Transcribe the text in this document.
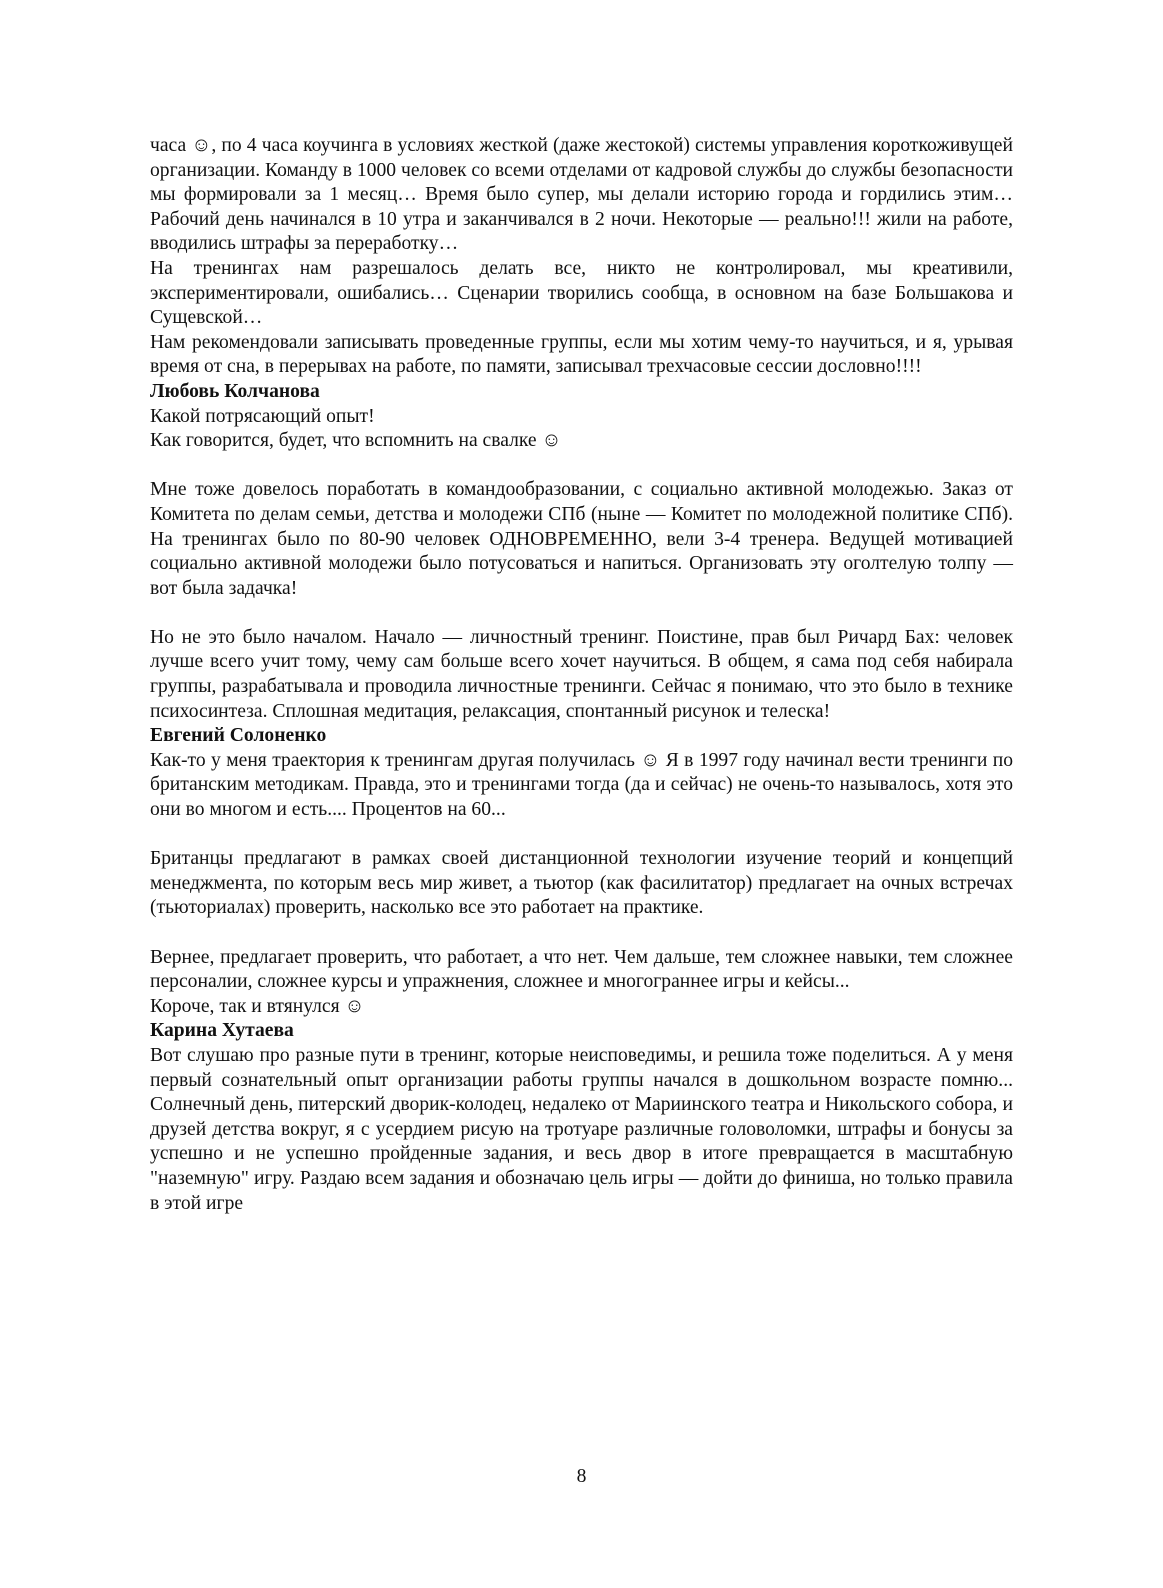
часа ☺, по 4 часа коучинга в условиях жесткой (даже жестокой) системы управления короткоживущей организации. Команду в 1000 человек со всеми отделами от кадровой службы до службы безопасности мы формировали за 1 месяц… Время было супер, мы делали историю города и гордились этим… Рабочий день начинался в 10 утра и заканчивался в 2 ночи. Некоторые — реально!!! жили на работе, вводились штрафы за переработку…

На тренингах нам разрешалось делать все, никто не контролировал, мы креативили, экспериментировали, ошибались… Сценарии творились сообща, в основном на базе Большакова и Сущевской…

Нам рекомендовали записывать проведенные группы, если мы хотим чему-то научиться, и я, урывая время от сна, в перерывах на работе, по памяти, записывал трехчасовые сессии дословно!!!!

Любовь Колчанова

Какой потрясающий опыт!

Как говорится, будет, что вспомнить на свалке ☺

Мне тоже довелось поработать в командообразовании, с социально активной молодежью. Заказ от Комитета по делам семьи, детства и молодежи СПб (ныне — Комитет по молодежной политике СПб). На тренингах было по 80-90 человек ОДНОВРЕМЕННО, вели 3-4 тренера. Ведущей мотивацией социально активной молодежи было потусоваться и напиться. Организовать эту оголтелую толпу — вот была задачка!

Но не это было началом. Начало — личностный тренинг. Поистине, прав был Ричард Бах: человек лучше всего учит тому, чему сам больше всего хочет научиться. В общем, я сама под себя набирала группы, разрабатывала и проводила личностные тренинги. Сейчас я понимаю, что это было в технике психосинтеза. Сплошная медитация, релаксация, спонтанный рисунок и телеска!

Евгений Солоненко

Как-то у меня траектория к тренингам другая получилась ☺ Я в 1997 году начинал вести тренинги по британским методикам. Правда, это и тренингами тогда (да и сейчас) не очень-то называлось, хотя это они во многом и есть.... Процентов на 60...

Британцы предлагают в рамках своей дистанционной технологии изучение теорий и концепций менеджмента, по которым весь мир живет, а тьютор (как фасилитатор) предлагает на очных встречах (тьюториалах) проверить, насколько все это работает на практике.

Вернее, предлагает проверить, что работает, а что нет. Чем дальше, тем сложнее навыки, тем сложнее персоналии, сложнее курсы и упражнения, сложнее и многограннее игры и кейсы...

Короче, так и втянулся ☺

Карина Хутаева

Вот слушаю про разные пути в тренинг, которые неисповедимы, и решила тоже поделиться. А у меня первый сознательный опыт организации работы группы начался в дошкольном возрасте помню... Солнечный день, питерский дворик-колодец, недалеко от Мариинского театра и Никольского собора, и друзей детства вокруг, я с усердием рисую на тротуаре различные головоломки, штрафы и бонусы за успешно и не успешно пройденные задания, и весь двор в итоге превращается в масштабную "наземную" игру. Раздаю всем задания и обозначаю цель игры — дойти до финиша, но только правила в этой игре

8
